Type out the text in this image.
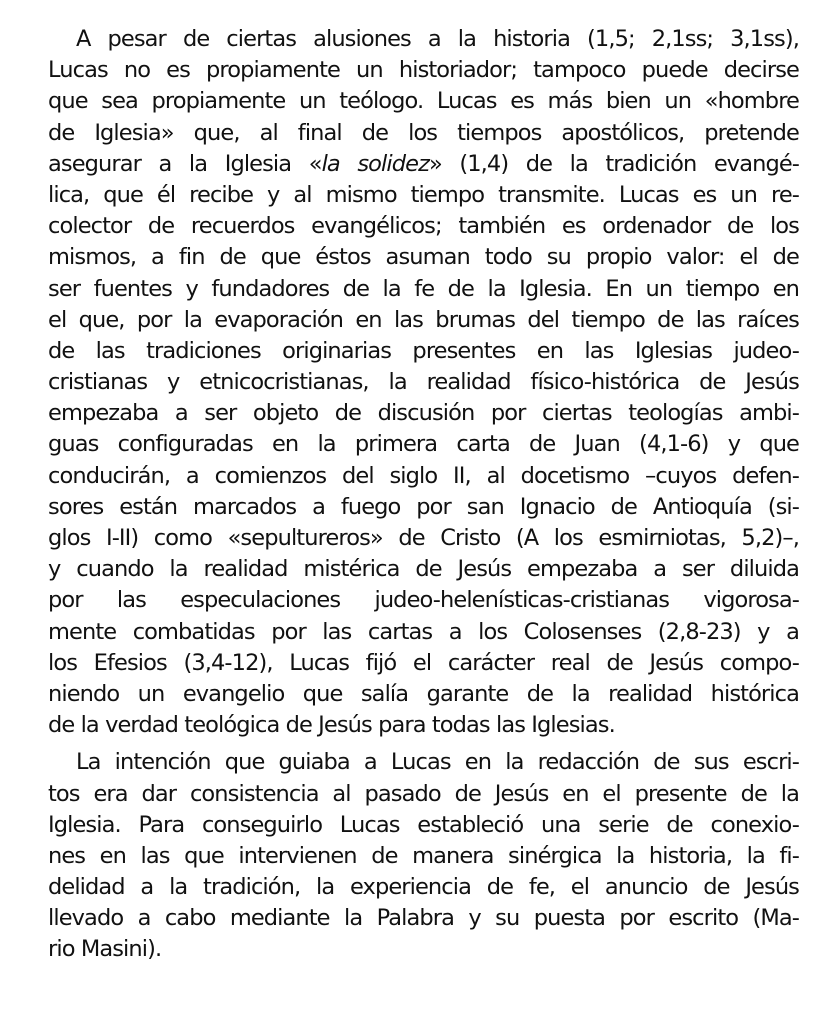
A pesar de ciertas alusiones a la historia (1,5; 2,1ss; 3,1ss),
Lucas no es propiamente un historiador; tampoco puede decirse
que sea propiamente un teólogo. Lucas es más bien un «hombre
de Iglesia» que, al final de los tiempos apostólicos, pretende
asegurar a la Iglesia «la solidez» (1,4) de la tradición evangé-
lica, que él recibe y al mismo tiempo transmite. Lucas es un re-
colector de recuerdos evangélicos; también es ordenador de los
mismos, a fin de que éstos asuman todo su propio valor: el de
ser fuentes y fundadores de la fe de la Iglesia. En un tiempo en
el que, por la evaporación en las brumas del tiempo de las raíces
de las tradiciones originarias presentes en las Iglesias judeo-
cristianas y etnicocristianas, la realidad físico-histórica de Jesús
empezaba a ser objeto de discusión por ciertas teologías ambi-
guas configuradas en la primera carta de Juan (4,1-6) y que
conducirán, a comienzos del siglo II, al docetismo –cuyos defen-
sores están marcados a fuego por san Ignacio de Antioquía (si-
glos I-II) como «sepultureros» de Cristo (A los esmirniotas, 5,2)–,
y cuando la realidad mistérica de Jesús empezaba a ser diluida
por las especulaciones judeo-helenísticas-cristianas vigorosa-
mente combatidas por las cartas a los Colosenses (2,8-23) y a
los Efesios (3,4-12), Lucas fijó el carácter real de Jesús compo-
niendo un evangelio que salía garante de la realidad histórica
de la verdad teológica de Jesús para todas las Iglesias.

La intención que guiaba a Lucas en la redacción de sus escri-
tos era dar consistencia al pasado de Jesús en el presente de la
Iglesia. Para conseguirlo Lucas estableció una serie de conexio-
nes en las que intervienen de manera sinérgica la historia, la fi-
delidad a la tradición, la experiencia de fe, el anuncio de Jesús
llevado a cabo mediante la Palabra y su puesta por escrito (Ma-
rio Masini).
